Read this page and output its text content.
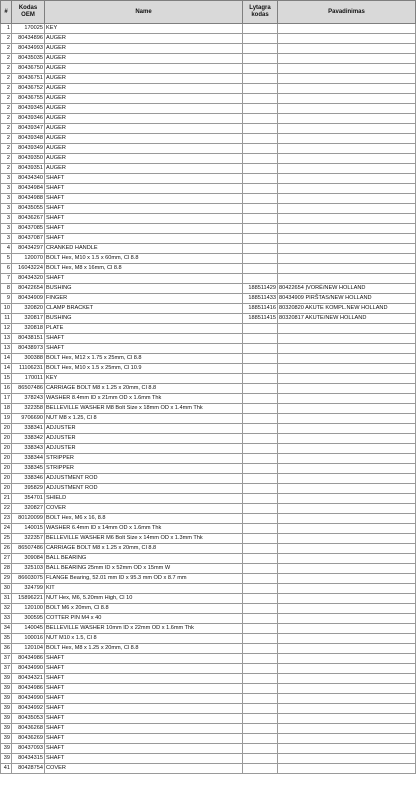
#	Kodas OEM	Name	Lytagra kodas	Pavadinimas
1	170025	KEY		
2	80434896	AUGER		
2	80434993	AUGER		
2	80435035	AUGER		
2	80436750	AUGER		
2	80436751	AUGER		
2	80436752	AUGER		
2	80436755	AUGER		
2	80439345	AUGER		
2	80439346	AUGER		
2	80439347	AUGER		
2	80439348	AUGER		
2	80439349	AUGER		
2	80439350	AUGER		
2	80439351	AUGER		
3	80434340	SHAFT		
3	80434984	SHAFT		
3	80434988	SHAFT		
3	80435055	SHAFT		
3	80436267	SHAFT		
3	80437085	SHAFT		
3	80437087	SHAFT		
4	80434297	CRANKED HANDLE		
5	120070	BOLT Hex, M10 x 1.5 x 60mm, Cl 8.8		
6	16043224	BOLT Hex, M8 x 16mm, Cl 8.8		
7	80434320	SHAFT		
8	80422654	BUSHING	188511429	80422654 ĮVORĖ/NEW HOLLAND
9	80434909	FINGER	188511433	80434909 PIRŠTAS/NEW HOLLAND
10	320820	CLAMP BRACKET	188511416	80320820 AKUTE KOMPL.NEW HOLLAND
11	320817	BUSHING	188511415	80320817 AKUTE/NEW HOLLAND
12	320818	PLATE		
13	80438151	SHAFT		
13	80438973	SHAFT		
14	300388	BOLT Hex, M12 x 1.75 x 25mm, Cl 8.8		
14	11106231	BOLT Hex, M10 x 1.5 x 25mm, Cl 10.9		
15	170011	KEY		
16	86507486	CARRIAGE BOLT M8 x 1.25 x 20mm, Cl 8.8		
17	378243	WASHER 8.4mm ID x 21mm OD x 1.6mm Thk		
18	322358	BELLEVILLE WASHER M8 Bolt Size x 18mm OD x 1.4mm Thk		
19	9706690	NUT M8 x 1.25, Cl 8		
20	338341	ADJUSTER		
20	338342	ADJUSTER		
20	338343	ADJUSTER		
20	338344	STRIPPER		
20	338345	STRIPPER		
20	338346	ADJUSTMENT ROD		
20	395829	ADJUSTMENT ROD		
21	354701	SHIELD		
22	320827	COVER		
23	80120099	BOLT Hex, M6 x 16, 8.8		
24	140015	WASHER 6.4mm ID x 14mm OD x 1.6mm Thk		
25	322357	BELLEVILLE WASHER M6 Bolt Size x 14mm OD x 1.3mm Thk		
26	86507486	CARRIAGE BOLT M8 x 1.25 x 20mm, Cl 8.8		
27	309084	BALL BEARING		
28	325103	BALL BEARING 25mm ID x 52mm OD x 15mm W		
29	86603075	FLANGE Bearing, 52.01 mm ID x 95.3 mm OD x 8.7 mm		
30	324799	KIT		
31	15896221	NUT Hex, M6, 5.20mm High, Cl 10		
32	120100	BOLT M6 x 20mm, Cl 8.8		
33	300595	COTTER PIN M4 x 40		
34	140045	BELLEVILLE WASHER 10mm ID x 22mm OD x 1.6mm Thk		
35	100016	NUT M10 x 1.5, Cl 8		
36	120104	BOLT Hex, M8 x 1.25 x 20mm, Cl 8.8		
37	80434986	SHAFT		
37	80434990	SHAFT		
39	80434321	SHAFT		
39	80434986	SHAFT		
39	80434990	SHAFT		
39	80434992	SHAFT		
39	80435053	SHAFT		
39	80436268	SHAFT		
39	80436269	SHAFT		
39	80437093	SHAFT		
39	80434315	SHAFT		
41	80428754	COVER		
